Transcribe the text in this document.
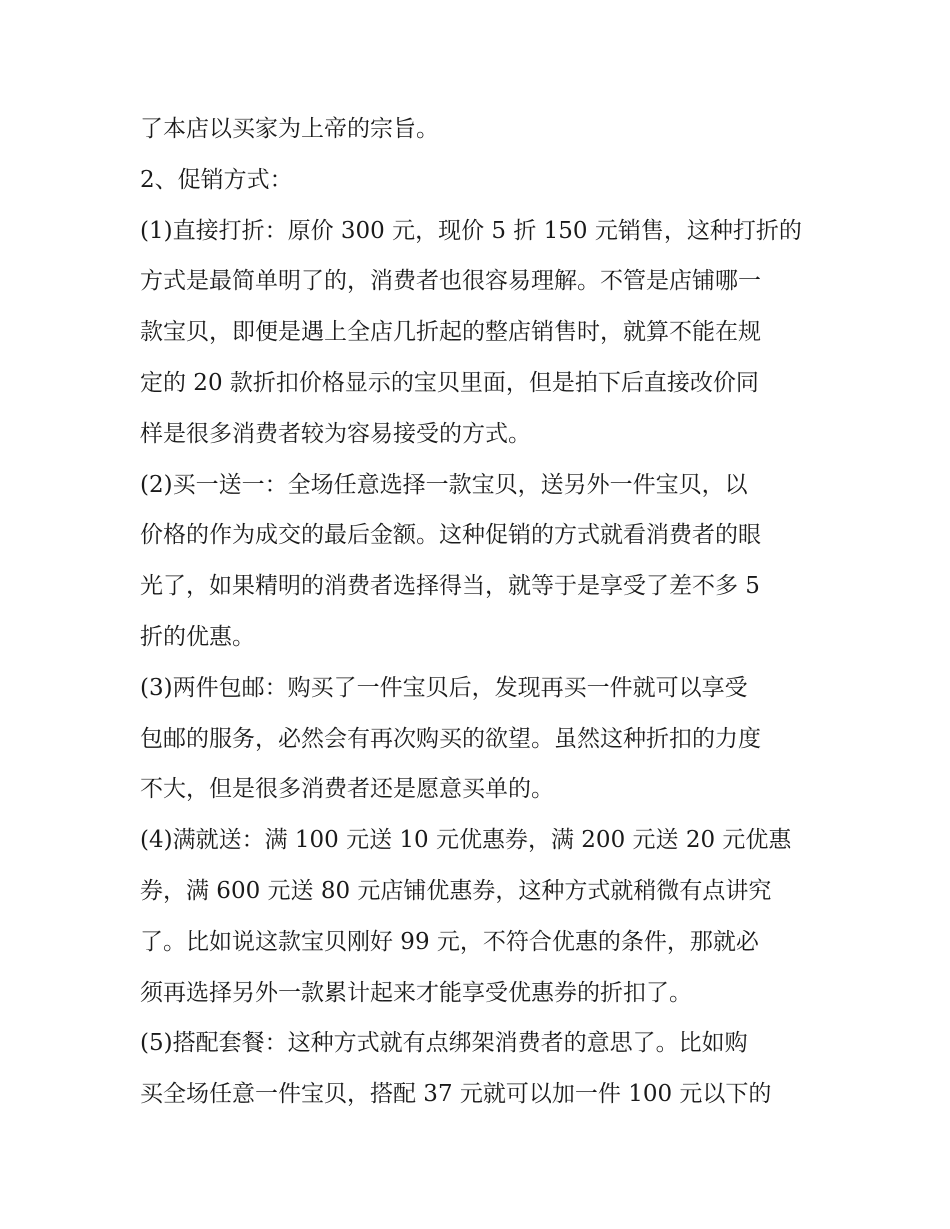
了本店以买家为上帝的宗旨。
2、促销方式：
(1)直接打折：原价 300 元，现价 5 折 150 元销售，这种打折的
方式是最简单明了的，消费者也很容易理解。不管是店铺哪一
款宝贝，即便是遇上全店几折起的整店销售时，就算不能在规
定的 20 款折扣价格显示的宝贝里面，但是拍下后直接改价同
样是很多消费者较为容易接受的方式。
(2)买一送一：全场任意选择一款宝贝，送另外一件宝贝，以
价格的作为成交的最后金额。这种促销的方式就看消费者的眼
光了，如果精明的消费者选择得当，就等于是享受了差不多 5
折的优惠。
(3)两件包邮：购买了一件宝贝后，发现再买一件就可以享受
包邮的服务，必然会有再次购买的欲望。虽然这种折扣的力度
不大，但是很多消费者还是愿意买单的。
(4)满就送：满 100 元送 10 元优惠券，满 200 元送 20 元优惠
券，满 600 元送 80 元店铺优惠券，这种方式就稍微有点讲究
了。比如说这款宝贝刚好 99 元，不符合优惠的条件，那就必
须再选择另外一款累计起来才能享受优惠券的折扣了。
(5)搭配套餐：这种方式就有点绑架消费者的意思了。比如购
买全场任意一件宝贝，搭配 37 元就可以加一件 100 元以下的
